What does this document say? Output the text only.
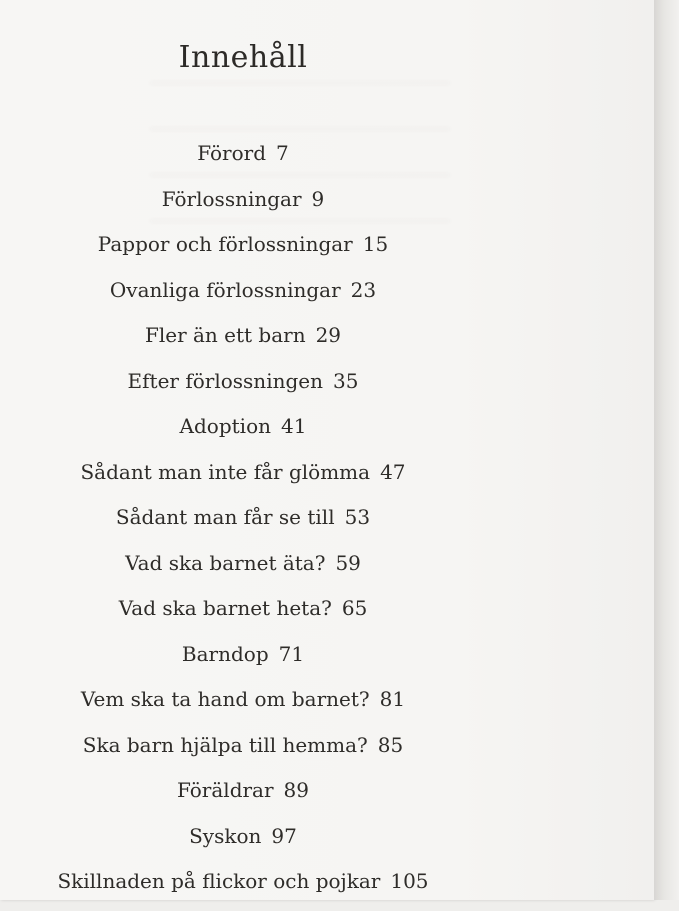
Innehåll
Förord 7
Förlossningar 9
Pappor och förlossningar 15
Ovanliga förlossningar 23
Fler än ett barn 29
Efter förlossningen 35
Adoption 41
Sådant man inte får glömma 47
Sådant man får se till 53
Vad ska barnet äta? 59
Vad ska barnet heta? 65
Barndop 71
Vem ska ta hand om barnet? 81
Ska barn hjälpa till hemma? 85
Föräldrar 89
Syskon 97
Skillnaden på flickor och pojkar 105
